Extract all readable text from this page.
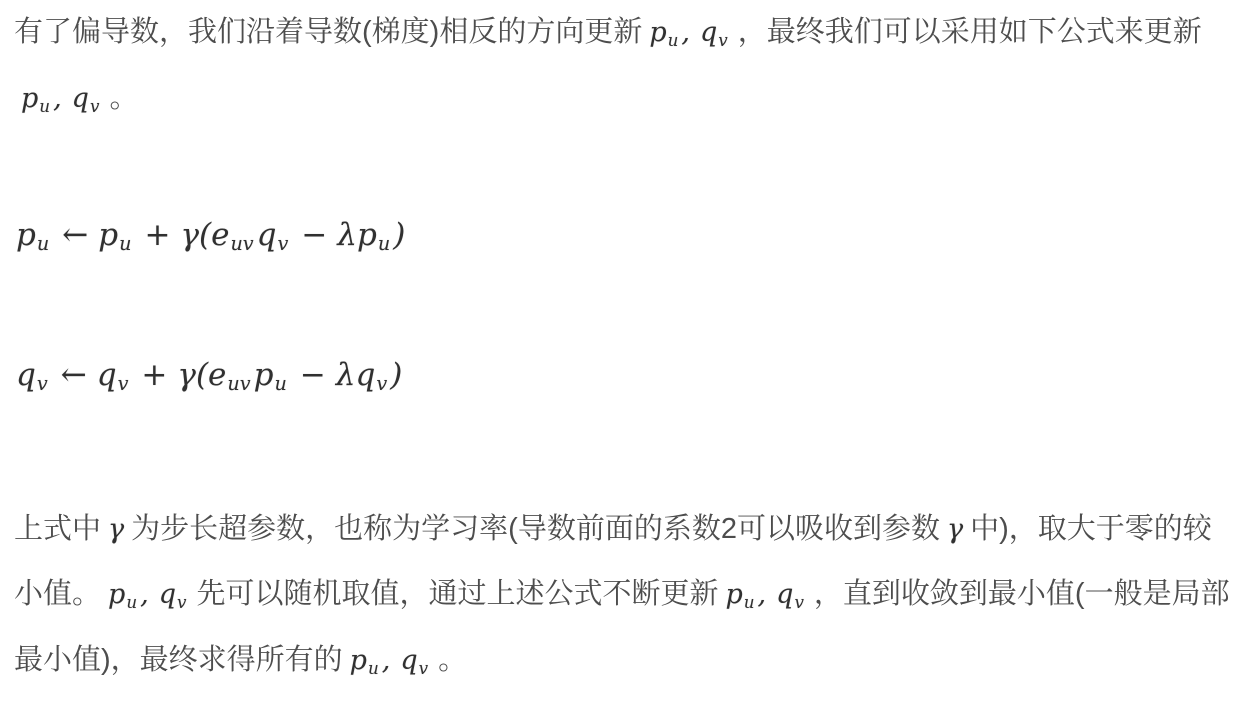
有了偏导数，我们沿着导数(梯度)相反的方向更新 $p_u$ , $q_v$ ，最终我们可以采用如下公式来更新
$p_u$ , $q_v$ 。
$p_u$ ← $p_u + \gamma(e_{uv}q_v - \lambda p_u)$
$q_v$ ← $q_v + \gamma(e_{uv}p_u - \lambda q_v)$
上式中 γ 为步长超参数，也称为学习率(导数前面的系数2可以吸收到参数 γ 中)，取大于零的较
小值。 $p_u$ , $q_v$ 先可以随机取值，通过上述公式不断更新 $p_u$ , $q_v$ ，直到收敛到最小值(一般是局部
最小值)，最终求得所有的 $p_u$ , $q_v$ 。
